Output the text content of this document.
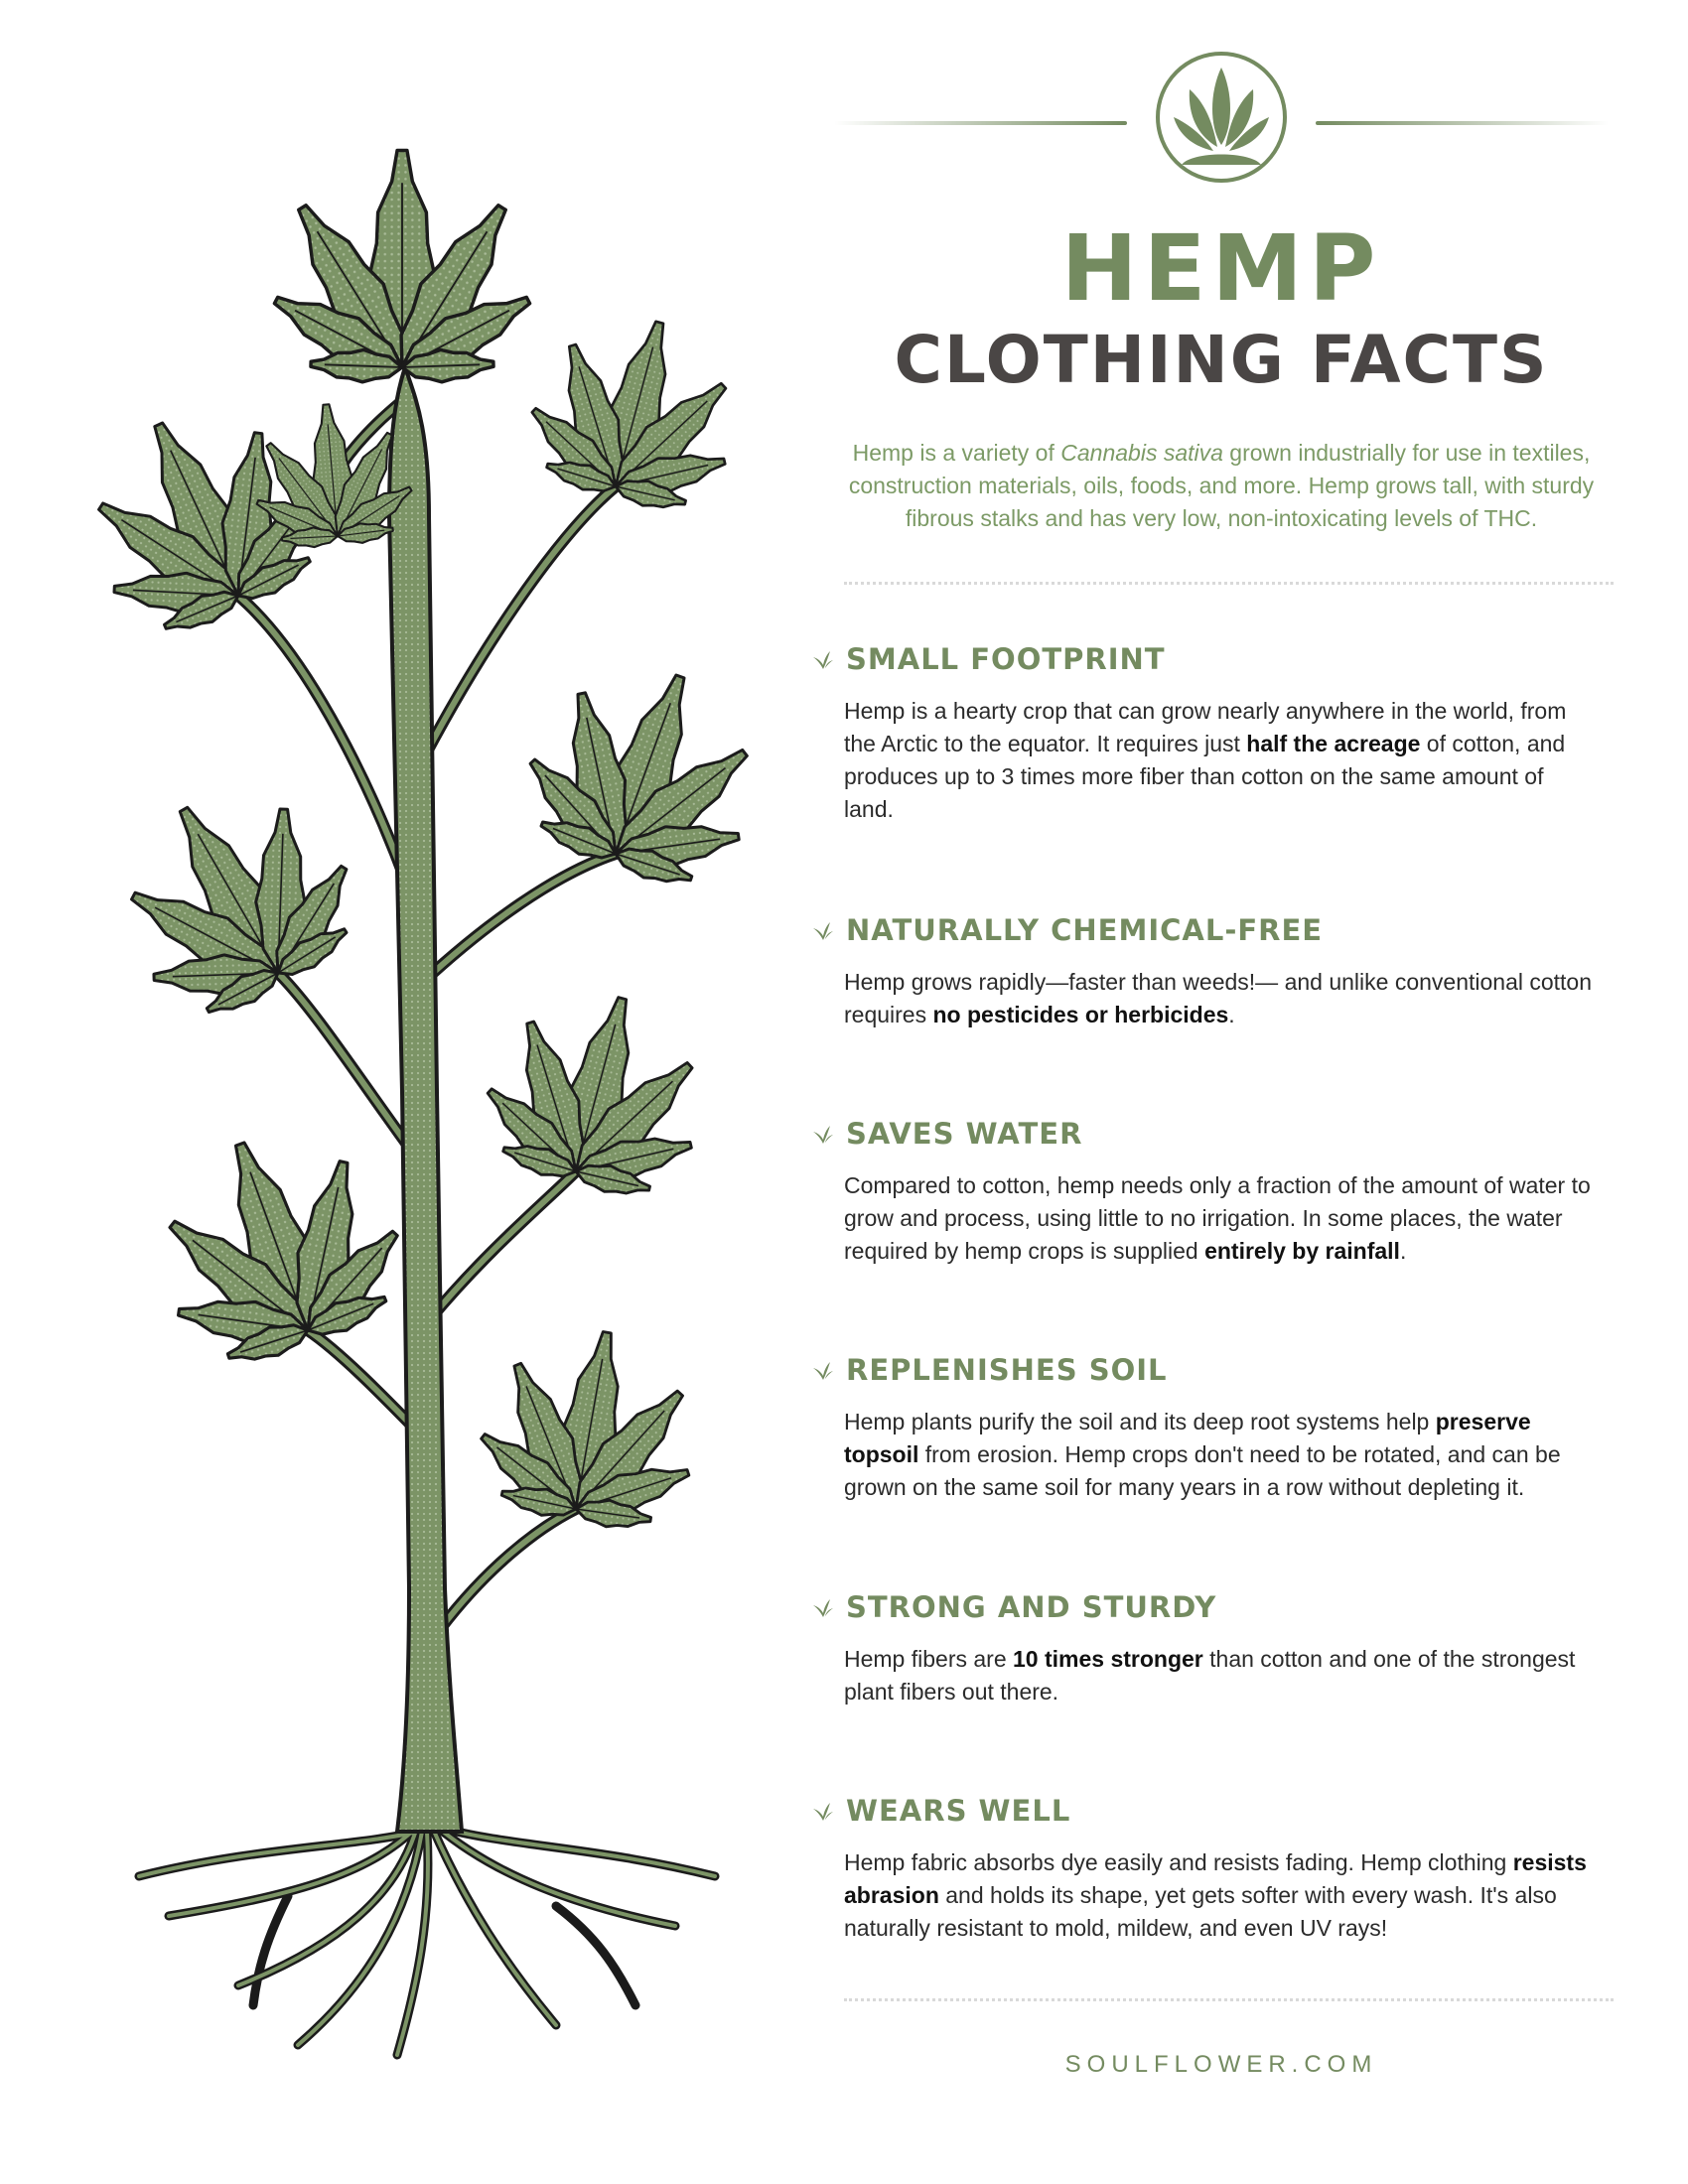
HEMP
CLOTHING FACTS

Hemp is a variety of Cannabis sativa grown industrially for use in textiles, construction materials, oils, foods, and more. Hemp grows tall, with sturdy fibrous stalks and has very low, non-intoxicating levels of THC.

SMALL FOOTPRINT

Hemp is a hearty crop that can grow nearly anywhere in the world, from the Arctic to the equator. It requires just half the acreage of cotton, and produces up to 3 times more fiber than cotton on the same amount of land.

NATURALLY CHEMICAL-FREE

Hemp grows rapidly—faster than weeds!— and unlike conventional cotton requires no pesticides or herbicides.

SAVES WATER

Compared to cotton, hemp needs only a fraction of the amount of water to grow and process, using little to no irrigation. In some places, the water required by hemp crops is supplied entirely by rainfall.

REPLENISHES SOIL

Hemp plants purify the soil and its deep root systems help preserve topsoil from erosion. Hemp crops don't need to be rotated, and can be grown on the same soil for many years in a row without depleting it.

STRONG AND STURDY

Hemp fibers are 10 times stronger than cotton and one of the strongest plant fibers out there.

WEARS WELL

Hemp fabric absorbs dye easily and resists fading. Hemp clothing resists abrasion and holds its shape, yet gets softer with every wash. It's also naturally resistant to mold, mildew, and even UV rays!

SOULFLOWER.COM
